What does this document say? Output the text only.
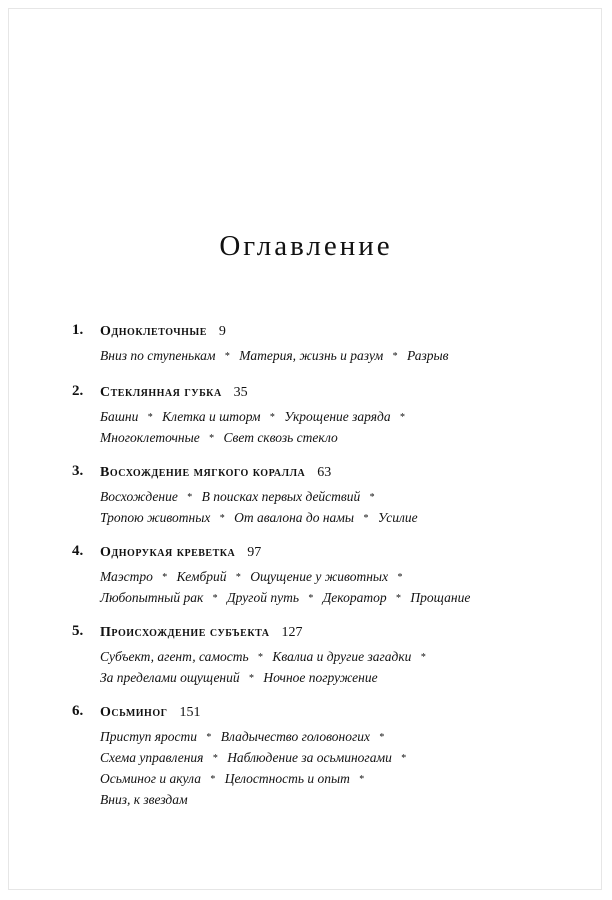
Оглавление
1. Одноклеточные 9
Вниз по ступенькам * Материя, жизнь и разум * Разрыв
2. Стеклянная губка 35
Башни * Клетка и шторм * Укрощение заряда * Многоклеточные * Свет сквозь стекло
3. Восхождение мягкого коралла 63
Восхождение * В поисках первых действий * Тропою животных * От авалона до намы * Усилие
4. Однорукая креветка 97
Маэстро * Кембрий * Ощущение у животных * Любопытный рак * Другой путь * Декоратор * Прощание
5. Происхождение субъекта 127
Субъект, агент, самость * Квалиа и другие загадки * За пределами ощущений * Ночное погружение
6. Осьминог 151
Приступ ярости * Владычество головоногих * Схема управления * Наблюдение за осьминогами * Осьминог и акула * Целостность и опыт * Вниз, к звездам
